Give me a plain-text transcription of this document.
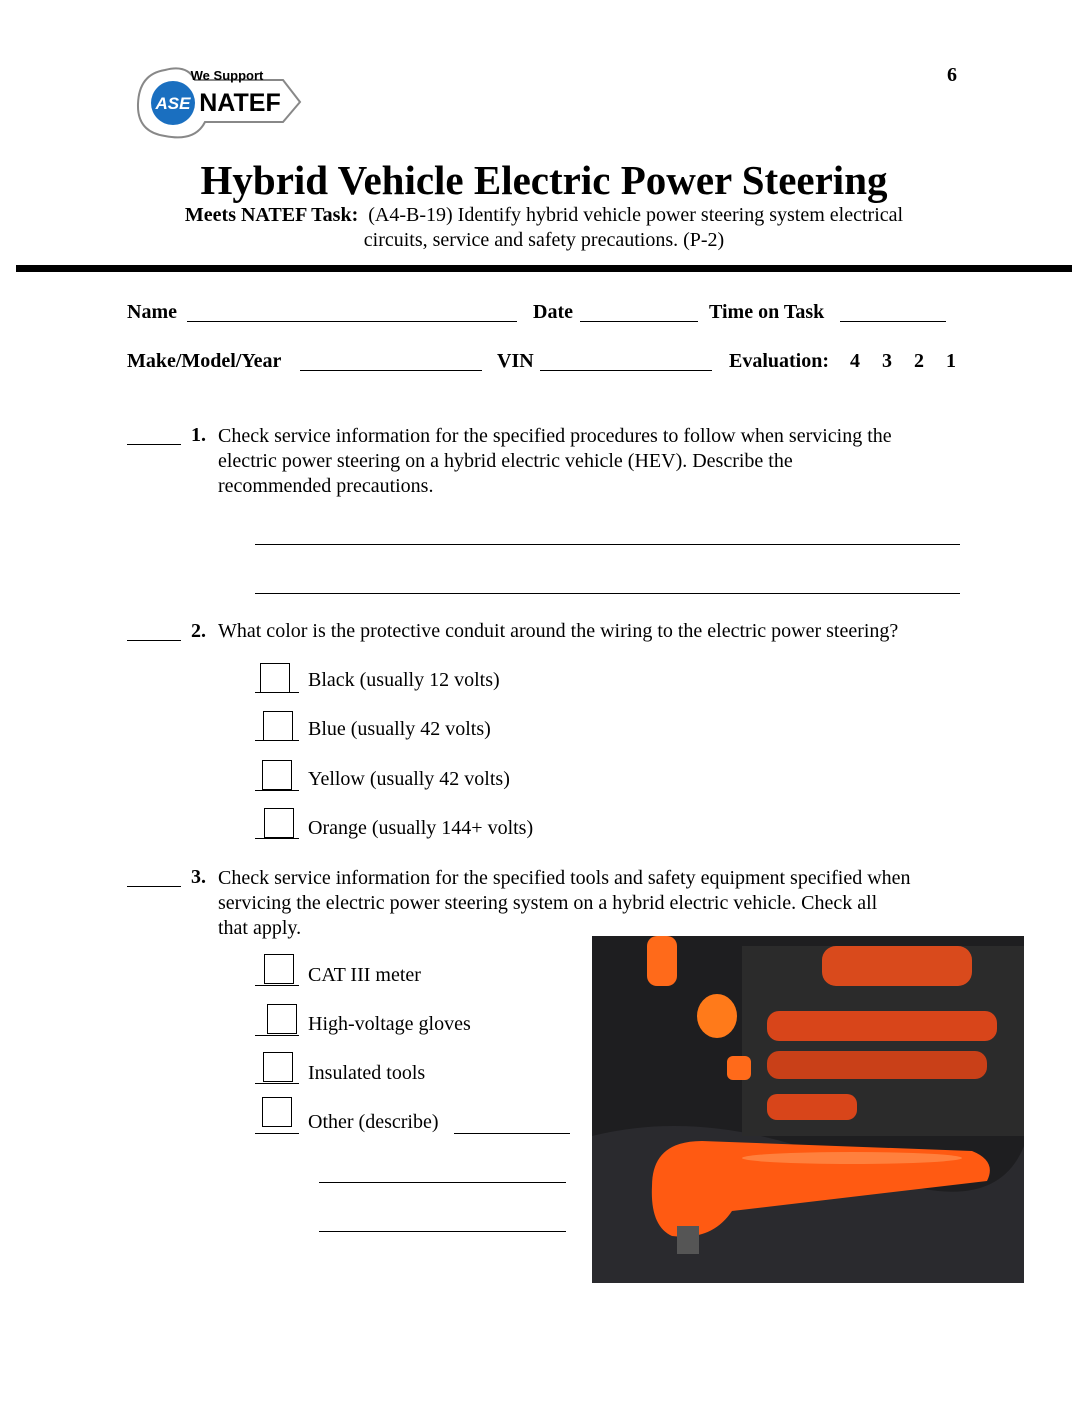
6
ASE
We Support
NATEF
Hybrid Vehicle Electric Power Steering
Meets NATEF Task: (A4-B-19) Identify hybrid vehicle power steering system electrical
circuits, service and safety precautions. (P-2)
Name	Date	Time on Task
Make/Model/Year	VIN	Evaluation: 4 3 2 1
1. Check service information for the specified procedures to follow when servicing the
electric power steering on a hybrid electric vehicle (HEV). Describe the
recommended precautions.
2. What color is the protective conduit around the wiring to the electric power steering?
Black (usually 12 volts)
Blue (usually 42 volts)
Yellow (usually 42 volts)
Orange (usually 144+ volts)
3. Check service information for the specified tools and safety equipment specified when
servicing the electric power steering system on a hybrid electric vehicle. Check all
that apply.
CAT III meter
High-voltage gloves
Insulated tools
Other (describe)
